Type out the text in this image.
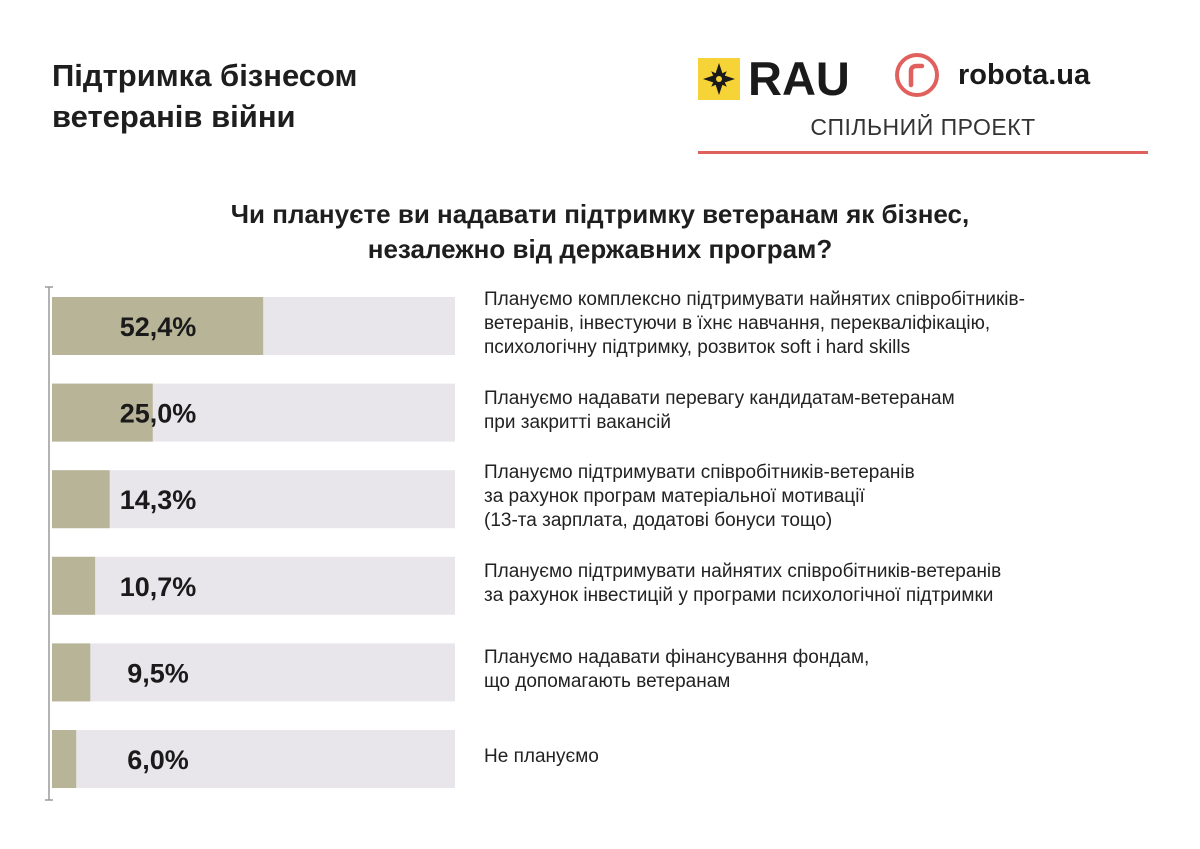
Підтримка бізнесом
ветеранів війни
RAU	robota.ua
СПІЛЬНИЙ ПРОЕКТ
Чи плануєте ви надавати підтримку ветеранам як бізнес,
незалежно від державних програм?
52,4%
25,0%
14,3%
10,7%
9,5%
6,0%
Плануємо комплексно підтримувати найнятих співробітників-
ветеранів, інвестуючи в їхнє навчання, перекваліфікацію,
психологічну підтримку, розвиток soft і hard skills
Плануємо надавати перевагу кандидатам-ветеранам
при закритті вакансій
Плануємо підтримувати співробітників-ветеранів
за рахунок програм матеріальної мотивації
(13-та зарплата, додатові бонуси тощо)
Плануємо підтримувати найнятих співробітників-ветеранів
за рахунок інвестицій у програми психологічної підтримки
Плануємо надавати фінансування фондам,
що допомагають ветеранам
Не плануємо
